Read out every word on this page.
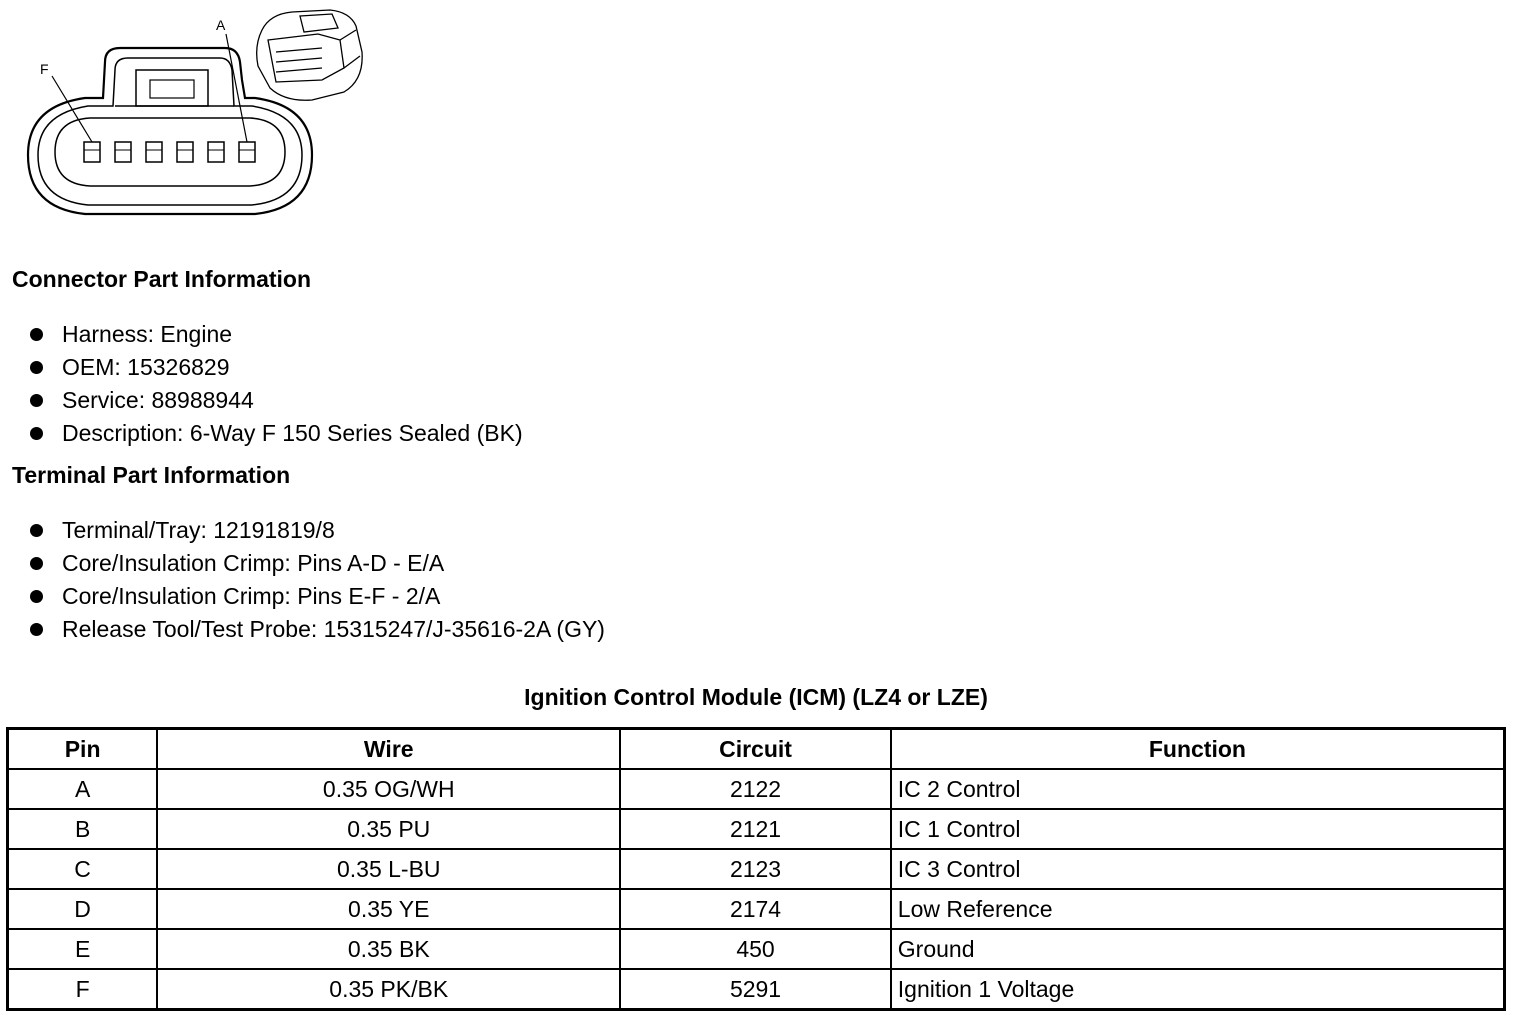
F
A
Connector Part Information
Harness: Engine
OEM: 15326829
Service: 88988944
Description: 6-Way F 150 Series Sealed (BK)
Terminal Part Information
Terminal/Tray: 12191819/8
Core/Insulation Crimp: Pins A-D - E/A
Core/Insulation Crimp: Pins E-F - 2/A
Release Tool/Test Probe: 15315247/J-35616-2A (GY)
Ignition Control Module (ICM) (LZ4 or LZE)
Pin	Wire	Circuit	Function
A	0.35 OG/WH	2122	IC 2 Control
B	0.35 PU	2121	IC 1 Control
C	0.35 L-BU	2123	IC 3 Control
D	0.35 YE	2174	Low Reference
E	0.35 BK	450	Ground
F	0.35 PK/BK	5291	Ignition 1 Voltage
